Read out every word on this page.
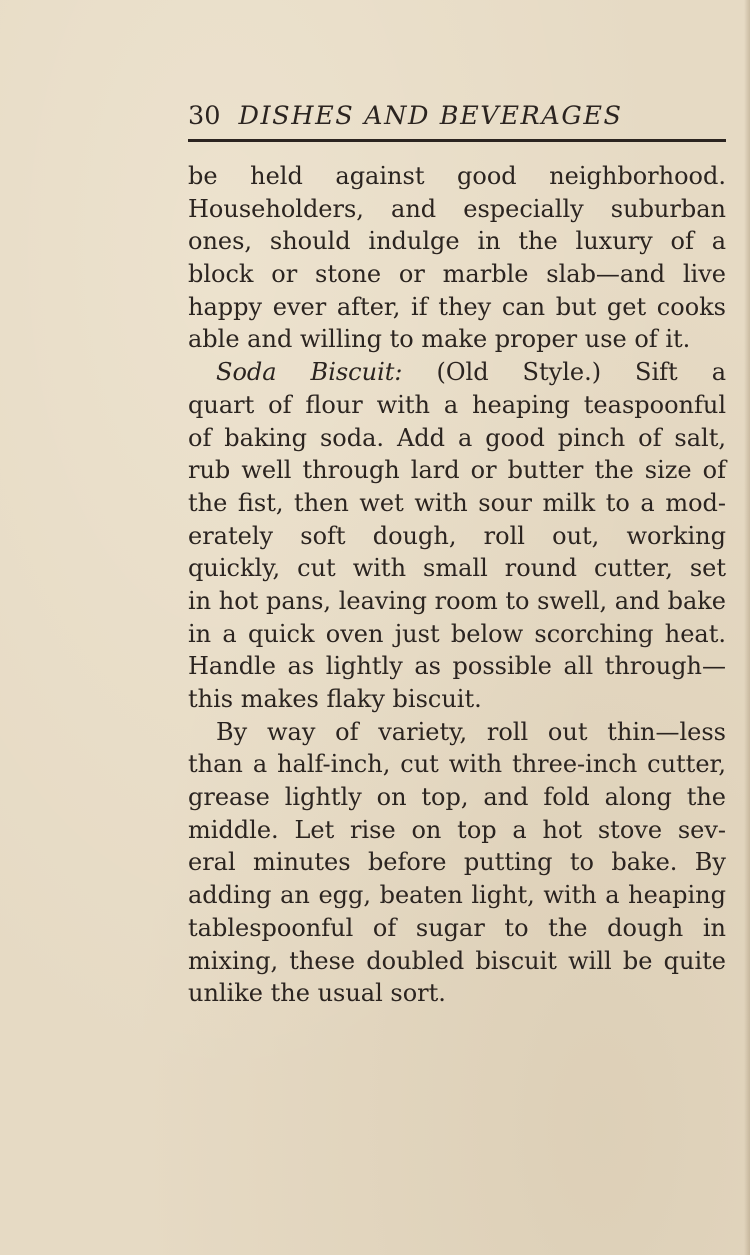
30 DISHES AND BEVERAGES
be held against good neighborhood.
Householders, and especially suburban
ones, should indulge in the luxury of a
block or stone or marble slab—and live
happy ever after, if they can but get cooks
able and willing to make proper use of it.
Soda Biscuit: (Old Style.) Sift a
quart of flour with a heaping teaspoonful
of baking soda. Add a good pinch of salt,
rub well through lard or butter the size of
the fist, then wet with sour milk to a mod-
erately soft dough, roll out, working
quickly, cut with small round cutter, set
in hot pans, leaving room to swell, and bake
in a quick oven just below scorching heat.
Handle as lightly as possible all through—
this makes flaky biscuit.
By way of variety, roll out thin—less
than a half-inch, cut with three-inch cutter,
grease lightly on top, and fold along the
middle. Let rise on top a hot stove sev-
eral minutes before putting to bake. By
adding an egg, beaten light, with a heaping
tablespoonful of sugar to the dough in
mixing, these doubled biscuit will be quite
unlike the usual sort.
